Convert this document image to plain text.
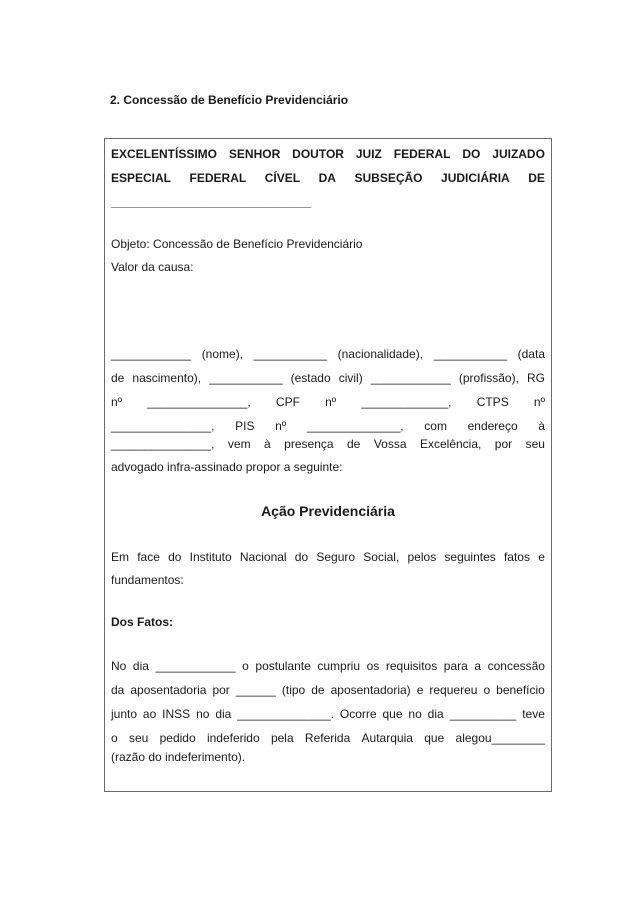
2. Concessão de Benefício Previdenciário
EXCELENTÍSSIMO SENHOR DOUTOR JUIZ FEDERAL DO JUIZADO
ESPECIAL FEDERAL CÍVEL DA SUBSEÇÃO JUDICIÁRIA DE
______________________________
Objeto: Concessão de Benefício Previdenciário
Valor da causa:
____________ (nome), ___________ (nacionalidade), ___________ (data
de nascimento), ___________ (estado civil) ____________ (profissão), RG
nº _______________, CPF nº _____________, CTPS nº
_______________, PIS nº ______________, com endereço à
_______________, vem à presença de Vossa Excelência, por seu
advogado infra-assinado propor a seguinte:
Ação Previdenciária
Em face do Instituto Nacional do Seguro Social, pelos seguintes fatos e
fundamentos:
Dos Fatos:
No dia ____________ o postulante cumpriu os requisitos para a concessão
da aposentadoria por ______ (tipo de aposentadoria) e requereu o benefício
junto ao INSS no dia ______________. Ocorre que no dia __________ teve
o seu pedido indeferido pela Referida Autarquia que alegou________
(razão do indeferimento).
